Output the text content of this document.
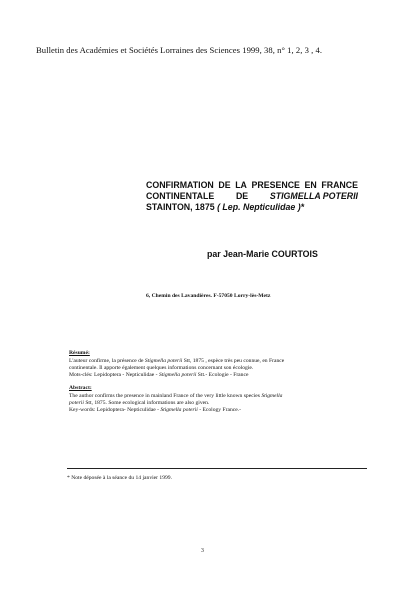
Bulletin des Académies et Sociétés Lorraines des Sciences 1999, 38, n° 1, 2, 3 , 4.
CONFIRMATION DE LA PRESENCE EN FRANCE
CONTINENTALE DE STIGMELLA POTERII
STAINTON, 1875 ( Lep. Nepticulidae )*
par Jean-Marie COURTOIS
6, Chemin des Lavandières. F-57050 Lorry-lès-Metz
Résumé:
L'auteur confirme, la présence de Stigmella poterii Stt, 1875 , espèce très peu connue, en France
continentale. Il apporte également quelques informations concernant son écologie.
Mots-clés: Lepidoptera - Nepticulidae - Stigmella poterii Stt.- Ecologie - France
Abstract:
The author confirms the presence in mainland France of the very little known species Stigmella
poterii Stt, 1875. Some ecological informations are also given.
Key-words: Lepidoptera- Nepticulidae - Stigmella poterii - Ecology France.-
* Note déposée à la séance du 14 janvier 1999.
3
